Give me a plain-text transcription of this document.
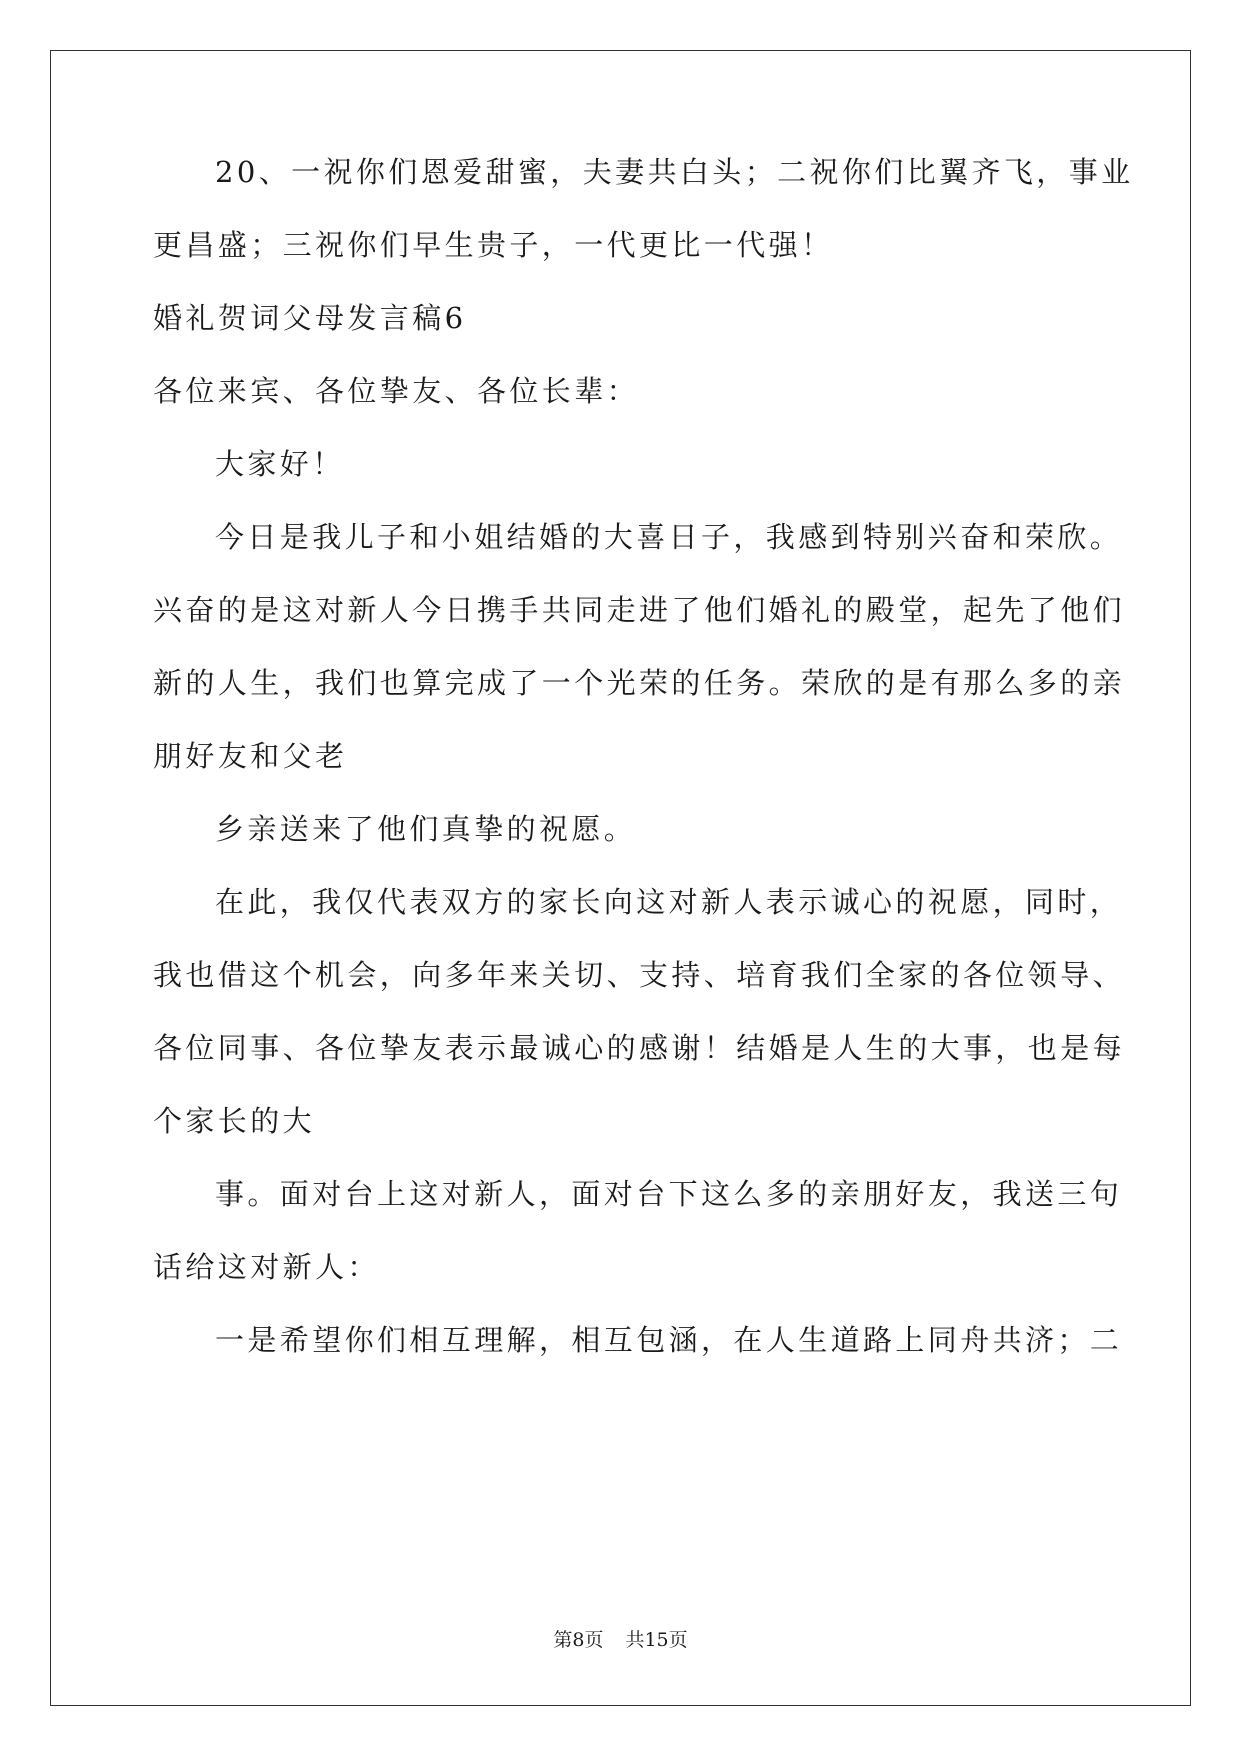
20、一祝你们恩爱甜蜜，夫妻共白头；二祝你们比翼齐飞，事业
更昌盛；三祝你们早生贵子，一代更比一代强！
婚礼贺词父母发言稿6
各位来宾、各位挚友、各位长辈：
大家好！
今日是我儿子和小姐结婚的大喜日子，我感到特别兴奋和荣欣。
兴奋的是这对新人今日携手共同走进了他们婚礼的殿堂，起先了他们
新的人生，我们也算完成了一个光荣的任务。荣欣的是有那么多的亲
朋好友和父老
乡亲送来了他们真挚的祝愿。
在此，我仅代表双方的家长向这对新人表示诚心的祝愿，同时，
我也借这个机会，向多年来关切、支持、培育我们全家的各位领导、
各位同事、各位挚友表示最诚心的感谢！结婚是人生的大事，也是每
个家长的大
事。面对台上这对新人，面对台下这么多的亲朋好友，我送三句
话给这对新人：
一是希望你们相互理解，相互包涵，在人生道路上同舟共济；二
第8页 共15页
